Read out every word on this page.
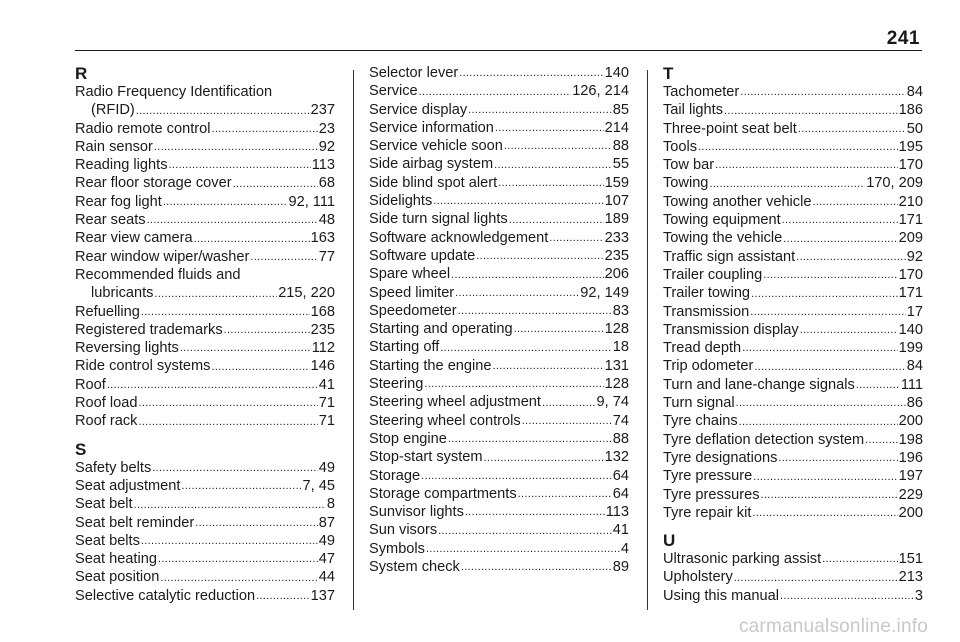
241
R
Radio Frequency Identification
(RFID) .....	237
Radio remote control .....	23
Rain sensor .....	92
Reading lights .....	113
Rear floor storage cover .....	68
Rear fog light .....	92, 111
Rear seats .....	48
Rear view camera .....	163
Rear window wiper/washer .....	77
Recommended fluids and
lubricants .....	215, 220
Refuelling .....	168
Registered trademarks .....	235
Reversing lights .....	112
Ride control systems .....	146
Roof .....	41
Roof load .....	71
Roof rack .....	71
S
Safety belts .....	49
Seat adjustment .....	7, 45
Seat belt .....	8
Seat belt reminder .....	87
Seat belts .....	49
Seat heating .....	47
Seat position .....	44
Selective catalytic reduction .....	137
Selector lever .....	140
Service .....	126, 214
Service display .....	85
Service information .....	214
Service vehicle soon .....	88
Side airbag system .....	55
Side blind spot alert .....	159
Sidelights .....	107
Side turn signal lights .....	189
Software acknowledgement .....	233
Software update .....	235
Spare wheel .....	206
Speed limiter .....	92, 149
Speedometer .....	83
Starting and operating .....	128
Starting off .....	18
Starting the engine .....	131
Steering .....	128
Steering wheel adjustment .....	9, 74
Steering wheel controls .....	74
Stop engine .....	88
Stop-start system .....	132
Storage .....	64
Storage compartments .....	64
Sunvisor lights .....	113
Sun visors .....	41
Symbols .....	4
System check .....	89
T
Tachometer .....	84
Tail lights .....	186
Three-point seat belt .....	50
Tools .....	195
Tow bar .....	170
Towing .....	170, 209
Towing another vehicle .....	210
Towing equipment .....	171
Towing the vehicle .....	209
Traffic sign assistant .....	92
Trailer coupling .....	170
Trailer towing .....	171
Transmission .....	17
Transmission display .....	140
Tread depth .....	199
Trip odometer .....	84
Turn and lane-change signals .....	111
Turn signal .....	86
Tyre chains .....	200
Tyre deflation detection system ..... 198
Tyre designations .....	196
Tyre pressure .....	197
Tyre pressures .....	229
Tyre repair kit .....	200
U
Ultrasonic parking assist .....	151
Upholstery .....	213
Using this manual .....	3
carmanualsonline.info
